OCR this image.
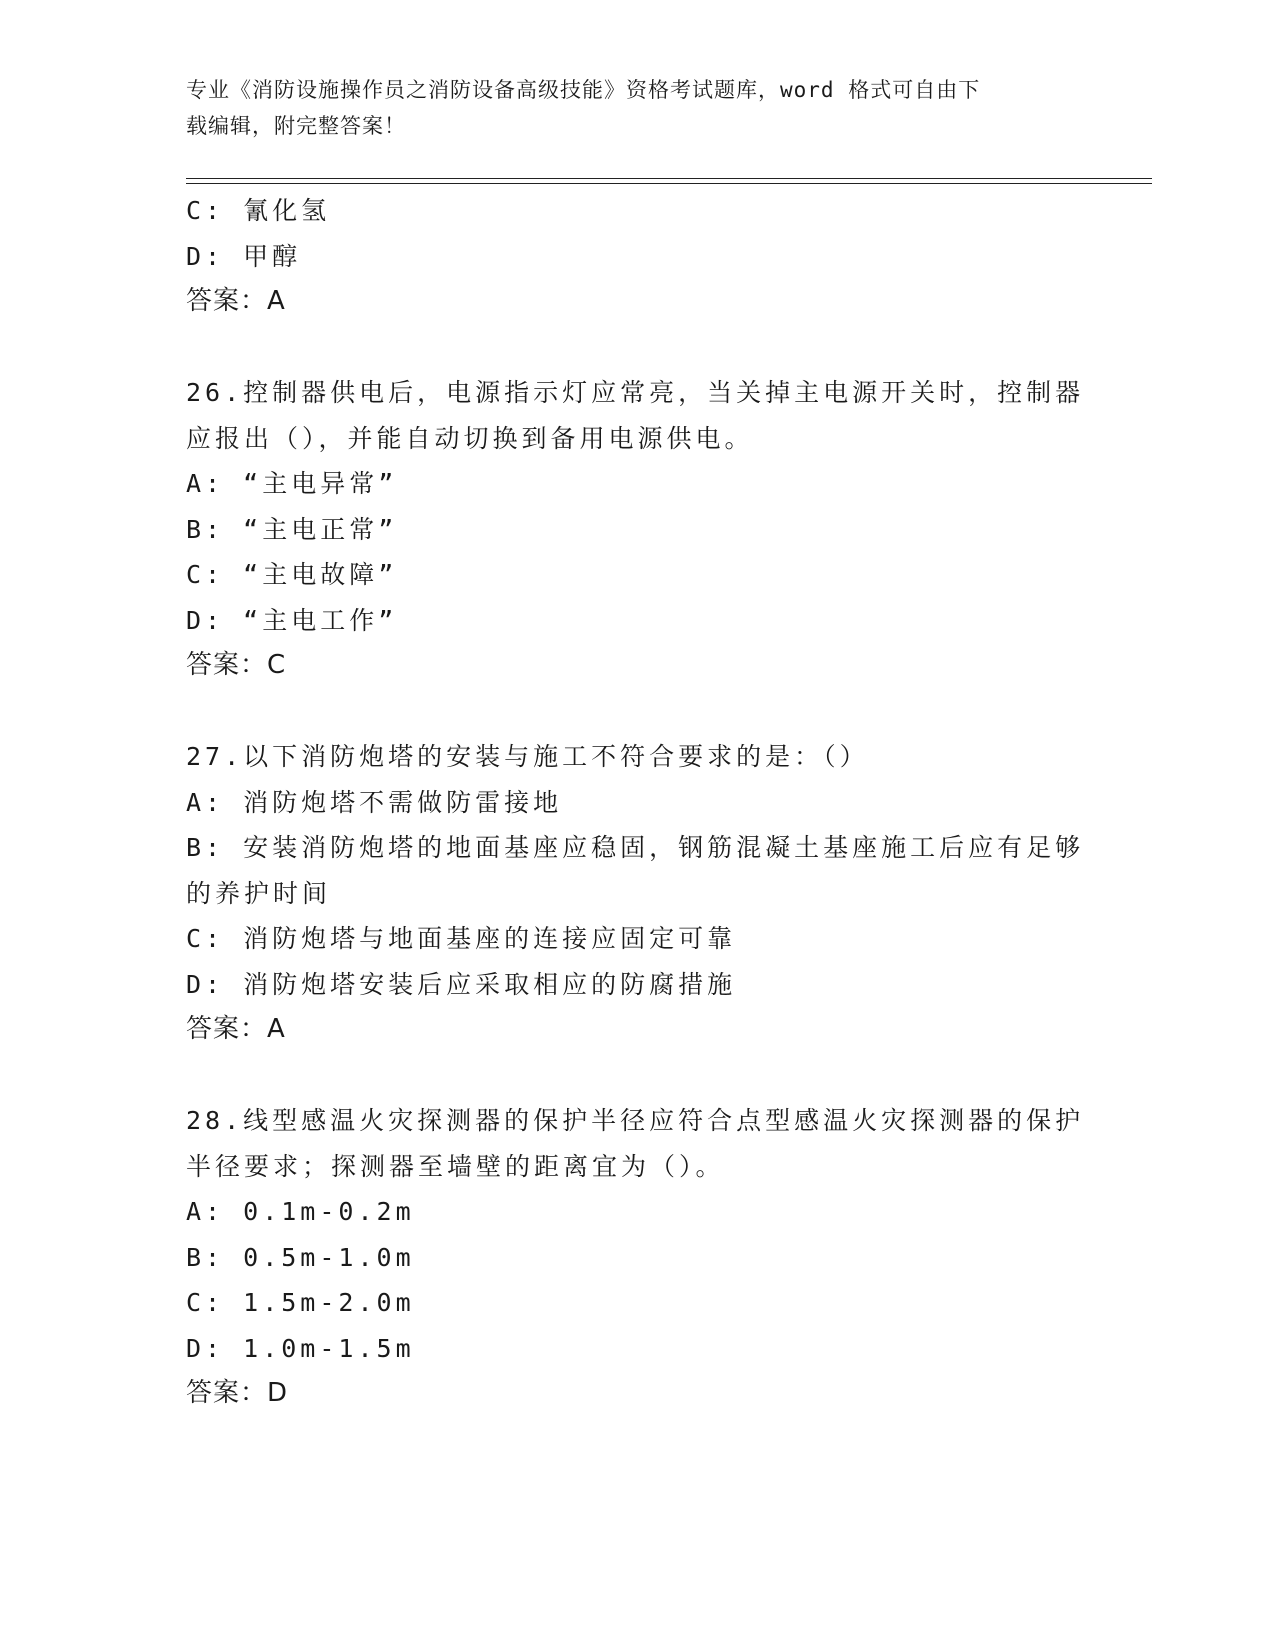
专业《消防设施操作员之消防设备高级技能》资格考试题库，word 格式可自由下
载编辑，附完整答案！
C: 氰化氢
D: 甲醇
答案：A
26.控制器供电后，电源指示灯应常亮，当关掉主电源开关时，控制器
应报出（），并能自动切换到备用电源供电。
A: “主电异常”
B: “主电正常”
C: “主电故障”
D: “主电工作”
答案：C
27.以下消防炮塔的安装与施工不符合要求的是：（）
A: 消防炮塔不需做防雷接地
B: 安装消防炮塔的地面基座应稳固，钢筋混凝土基座施工后应有足够
的养护时间
C: 消防炮塔与地面基座的连接应固定可靠
D: 消防炮塔安装后应采取相应的防腐措施
答案：A
28.线型感温火灾探测器的保护半径应符合点型感温火灾探测器的保护
半径要求；探测器至墙壁的距离宜为（）。
A: 0.1m-0.2m
B: 0.5m-1.0m
C: 1.5m-2.0m
D: 1.0m-1.5m
答案：D
